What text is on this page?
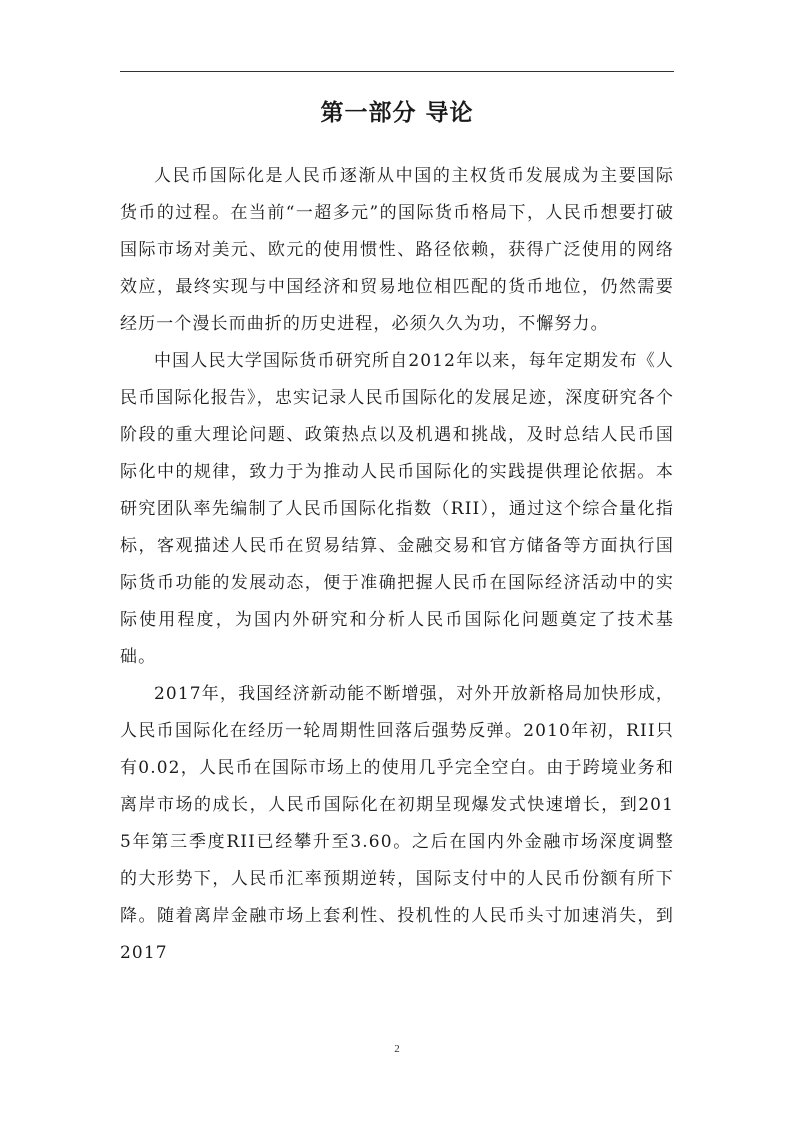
第一部分 导论

人民币国际化是人民币逐渐从中国的主权货币发展成为主要国际货币的过程。在当前“一超多元”的国际货币格局下，人民币想要打破国际市场对美元、欧元的使用惯性、路径依赖，获得广泛使用的网络效应，最终实现与中国经济和贸易地位相匹配的货币地位，仍然需要经历一个漫长而曲折的历史进程，必须久久为功，不懈努力。

中国人民大学国际货币研究所自2012年以来，每年定期发布《人民币国际化报告》，忠实记录人民币国际化的发展足迹，深度研究各个阶段的重大理论问题、政策热点以及机遇和挑战，及时总结人民币国际化中的规律，致力于为推动人民币国际化的实践提供理论依据。本研究团队率先编制了人民币国际化指数（RII），通过这个综合量化指标，客观描述人民币在贸易结算、金融交易和官方储备等方面执行国际货币功能的发展动态，便于准确把握人民币在国际经济活动中的实际使用程度，为国内外研究和分析人民币国际化问题奠定了技术基础。

2017年，我国经济新动能不断增强，对外开放新格局加快形成，人民币国际化在经历一轮周期性回落后强势反弹。2010年初，RII只有0.02，人民币在国际市场上的使用几乎完全空白。由于跨境业务和离岸市场的成长，人民币国际化在初期呈现爆发式快速增长，到2015年第三季度RII已经攀升至3.60。之后在国内外金融市场深度调整的大形势下，人民币汇率预期逆转，国际支付中的人民币份额有所下降。随着离岸金融市场上套利性、投机性的人民币头寸加速消失，到2017

2
